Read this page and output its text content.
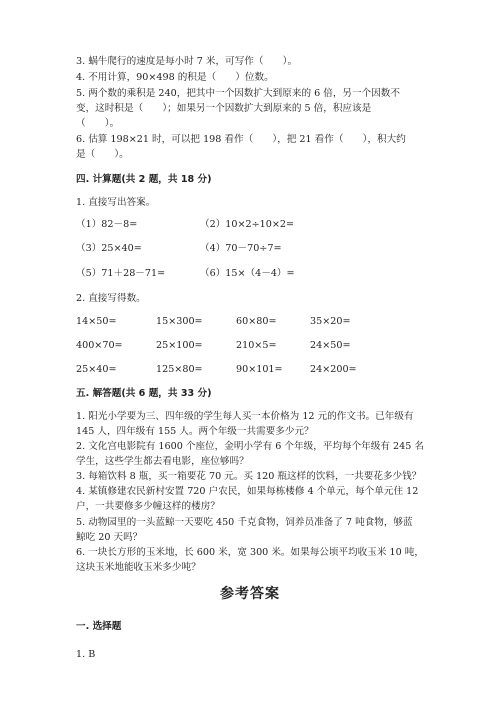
3. 蜗牛爬行的速度是每小时 7 米，可写作（　　）。
4. 不用计算，90×498 的积是（　　）位数。
5. 两个数的乘积是 240，把其中一个因数扩大到原来的 6 倍，另一个因数不
变，这时积是（　　）；如果另一个因数扩大到原来的 5 倍，积应该是
（　　）。
6. 估算 198×21 时，可以把 198 看作（　　），把 21 看作（　　），积大约
是（　　）。
四. 计算题(共 2 题，共 18 分)
1. 直接写出答案。
（1）82－8=	（2）10×2÷10×2=
（3）25×40=	（4）70－70÷7=
（5）71＋28－71=	（6）15×（4－4）=
2. 直接写得数。
14×50=	15×300=	60×80=	35×20=
400×70=	25×100=	210×5=	24×50=
25×40=	125×80=	90×101=	24×200=
五. 解答题(共 6 题，共 33 分)
1. 阳光小学要为三、四年级的学生每人买一本价格为 12 元的作文书。已年级有
145 人，四年级有 155 人。两个年级一共需要多少元？
2. 文化宫电影院有 1600 个座位，金明小学有 6 个年级，平均每个年级有 245 名
学生，这些学生都去看电影，座位够吗？
3. 每箱饮料 8 瓶，买一箱要花 70 元。买 120 瓶这样的饮料，一共要花多少钱？
4. 某镇修建农民新村安置 720 户农民，如果每栋楼修 4 个单元，每个单元住 12
户，一共要修多少幢这样的楼房？
5. 动物园里的一头蓝鲸一天要吃 450 千克食物，饲养员准备了 7 吨食物，够蓝
鲸吃 20 天吗？
6. 一块长方形的玉米地，长 600 米，宽 300 米。如果每公顷平均收玉米 10 吨，
这块玉米地能收玉米多少吨？
参考答案
一. 选择题
1. B
